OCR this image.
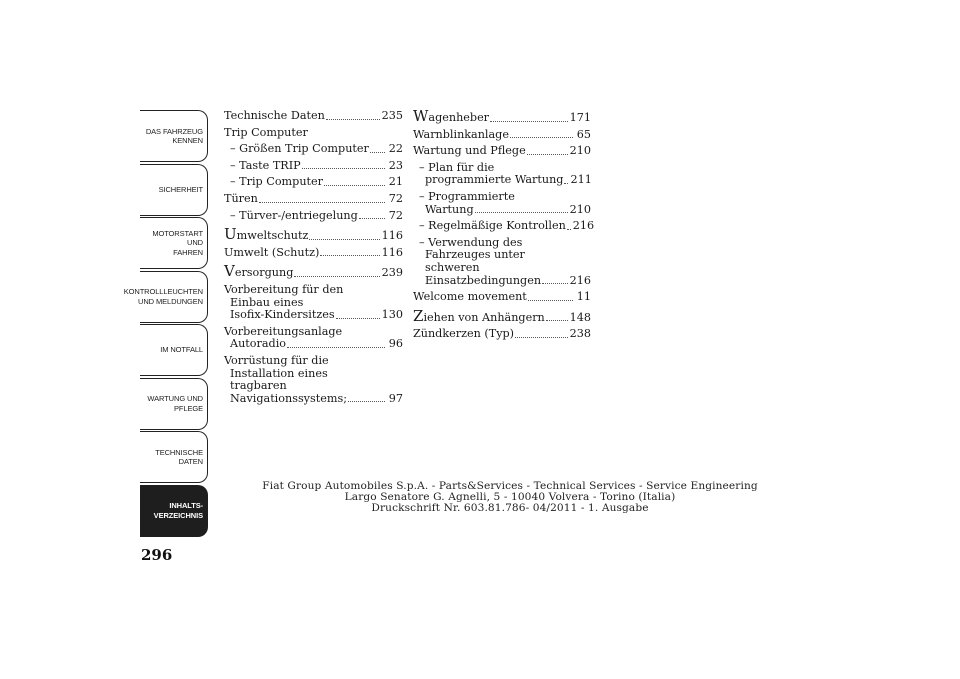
DAS FAHRZEUG
KENNEN
SICHERHEIT
MOTORSTART UND
FAHREN
KONTROLLLEUCHTEN
UND MELDUNGEN
IM NOTFALL
WARTUNG UND
PFLEGE
TECHNISCHE
DATEN
INHALTS-
VERZEICHNIS
296
Technische Daten	235
Trip Computer
– Größen Trip Computer 22
– Taste TRIP	23
– Trip Computer	21
Türen	72
– Türver-/entriegelung	72
Umweltschutz	116
Umwelt (Schutz)	116
Versorgung	239
Vorbereitung für den
Einbau eines
Isofix-Kindersitzes	130
Vorbereitungsanlage
Autoradio	96
Vorrüstung für die
Installation eines
tragbaren
Navigationssystems;	97
Wagenheber	171
Warnblinkanlage	65
Wartung und Pflege	210
– Plan für die
programmierte Wartung 211
– Programmierte
Wartung	210
– Regelmäßige Kontrollen 216
– Verwendung des
Fahrzeuges unter
schweren
Einsatzbedingungen	216
Welcome movement	11
Ziehen von Anhängern 148
Zündkerzen (Typ)	238
Fiat Group Automobiles S.p.A. - Parts&Services - Technical Services - Service Engineering
Largo Senatore G. Agnelli, 5 - 10040 Volvera - Torino (Italia)
Druckschrift Nr. 603.81.786- 04/2011 - 1. Ausgabe
